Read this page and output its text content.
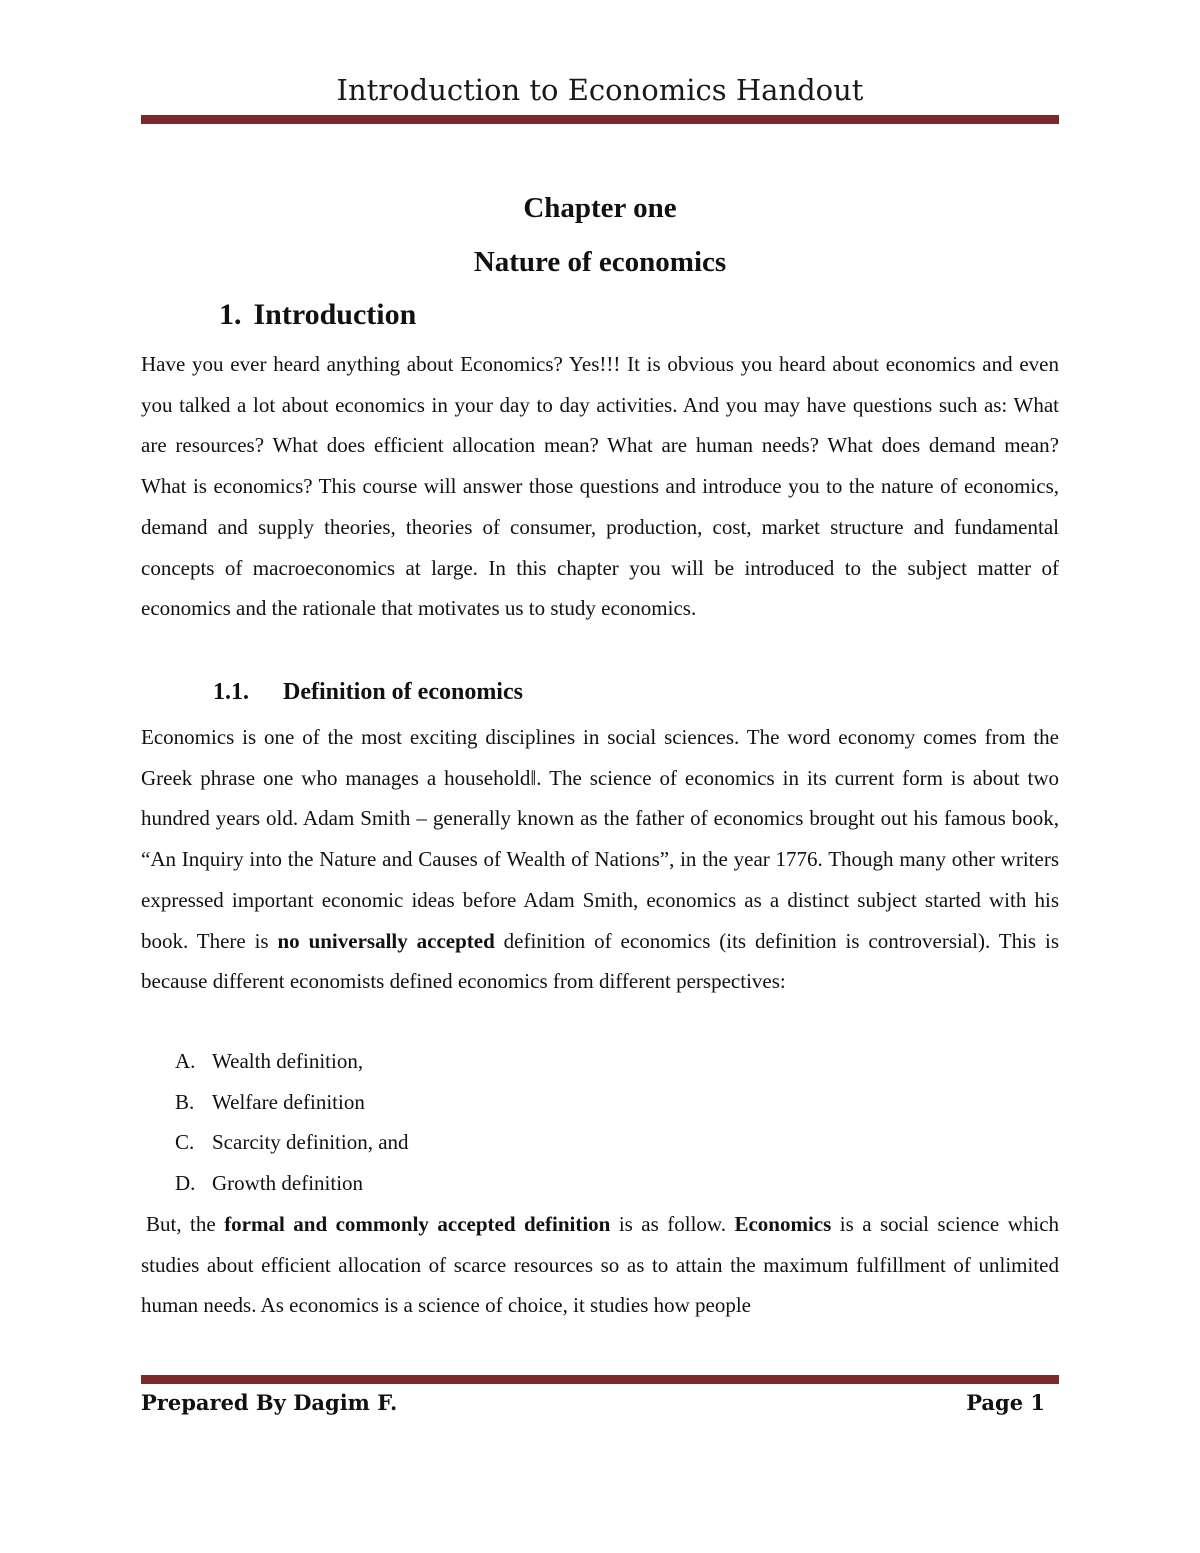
Introduction to Economics Handout
Chapter one
Nature of economics
1. Introduction

Have you ever heard anything about Economics? Yes!!! It is obvious you heard about economics and even you talked a lot about economics in your day to day activities. And you may have questions such as: What are resources? What does efficient allocation mean? What are human needs? What does demand mean? What is economics? This course will answer those questions and introduce you to the nature of economics, demand and supply theories, theories of consumer, production, cost, market structure and fundamental concepts of macroeconomics at large. In this chapter you will be introduced to the subject matter of economics and the rationale that motivates us to study economics.

1.1. Definition of economics

Economics is one of the most exciting disciplines in social sciences. The word economy comes from the Greek phrase one who manages a householdǁ. The science of economics in its current form is about two hundred years old. Adam Smith – generally known as the father of economics brought out his famous book, “An Inquiry into the Nature and Causes of Wealth of Nations”, in the year 1776. Though many other writers expressed important economic ideas before Adam Smith, economics as a distinct subject started with his book. There is no universally accepted definition of economics (its definition is controversial). This is because different economists defined economics from different perspectives:

A. Wealth definition,
B. Welfare definition
C. Scarcity definition, and
D. Growth definition

But, the formal and commonly accepted definition is as follow. Economics is a social science which studies about efficient allocation of scarce resources so as to attain the maximum fulfillment of unlimited human needs. As economics is a science of choice, it studies how people

Prepared By Dagim F.	Page 1
